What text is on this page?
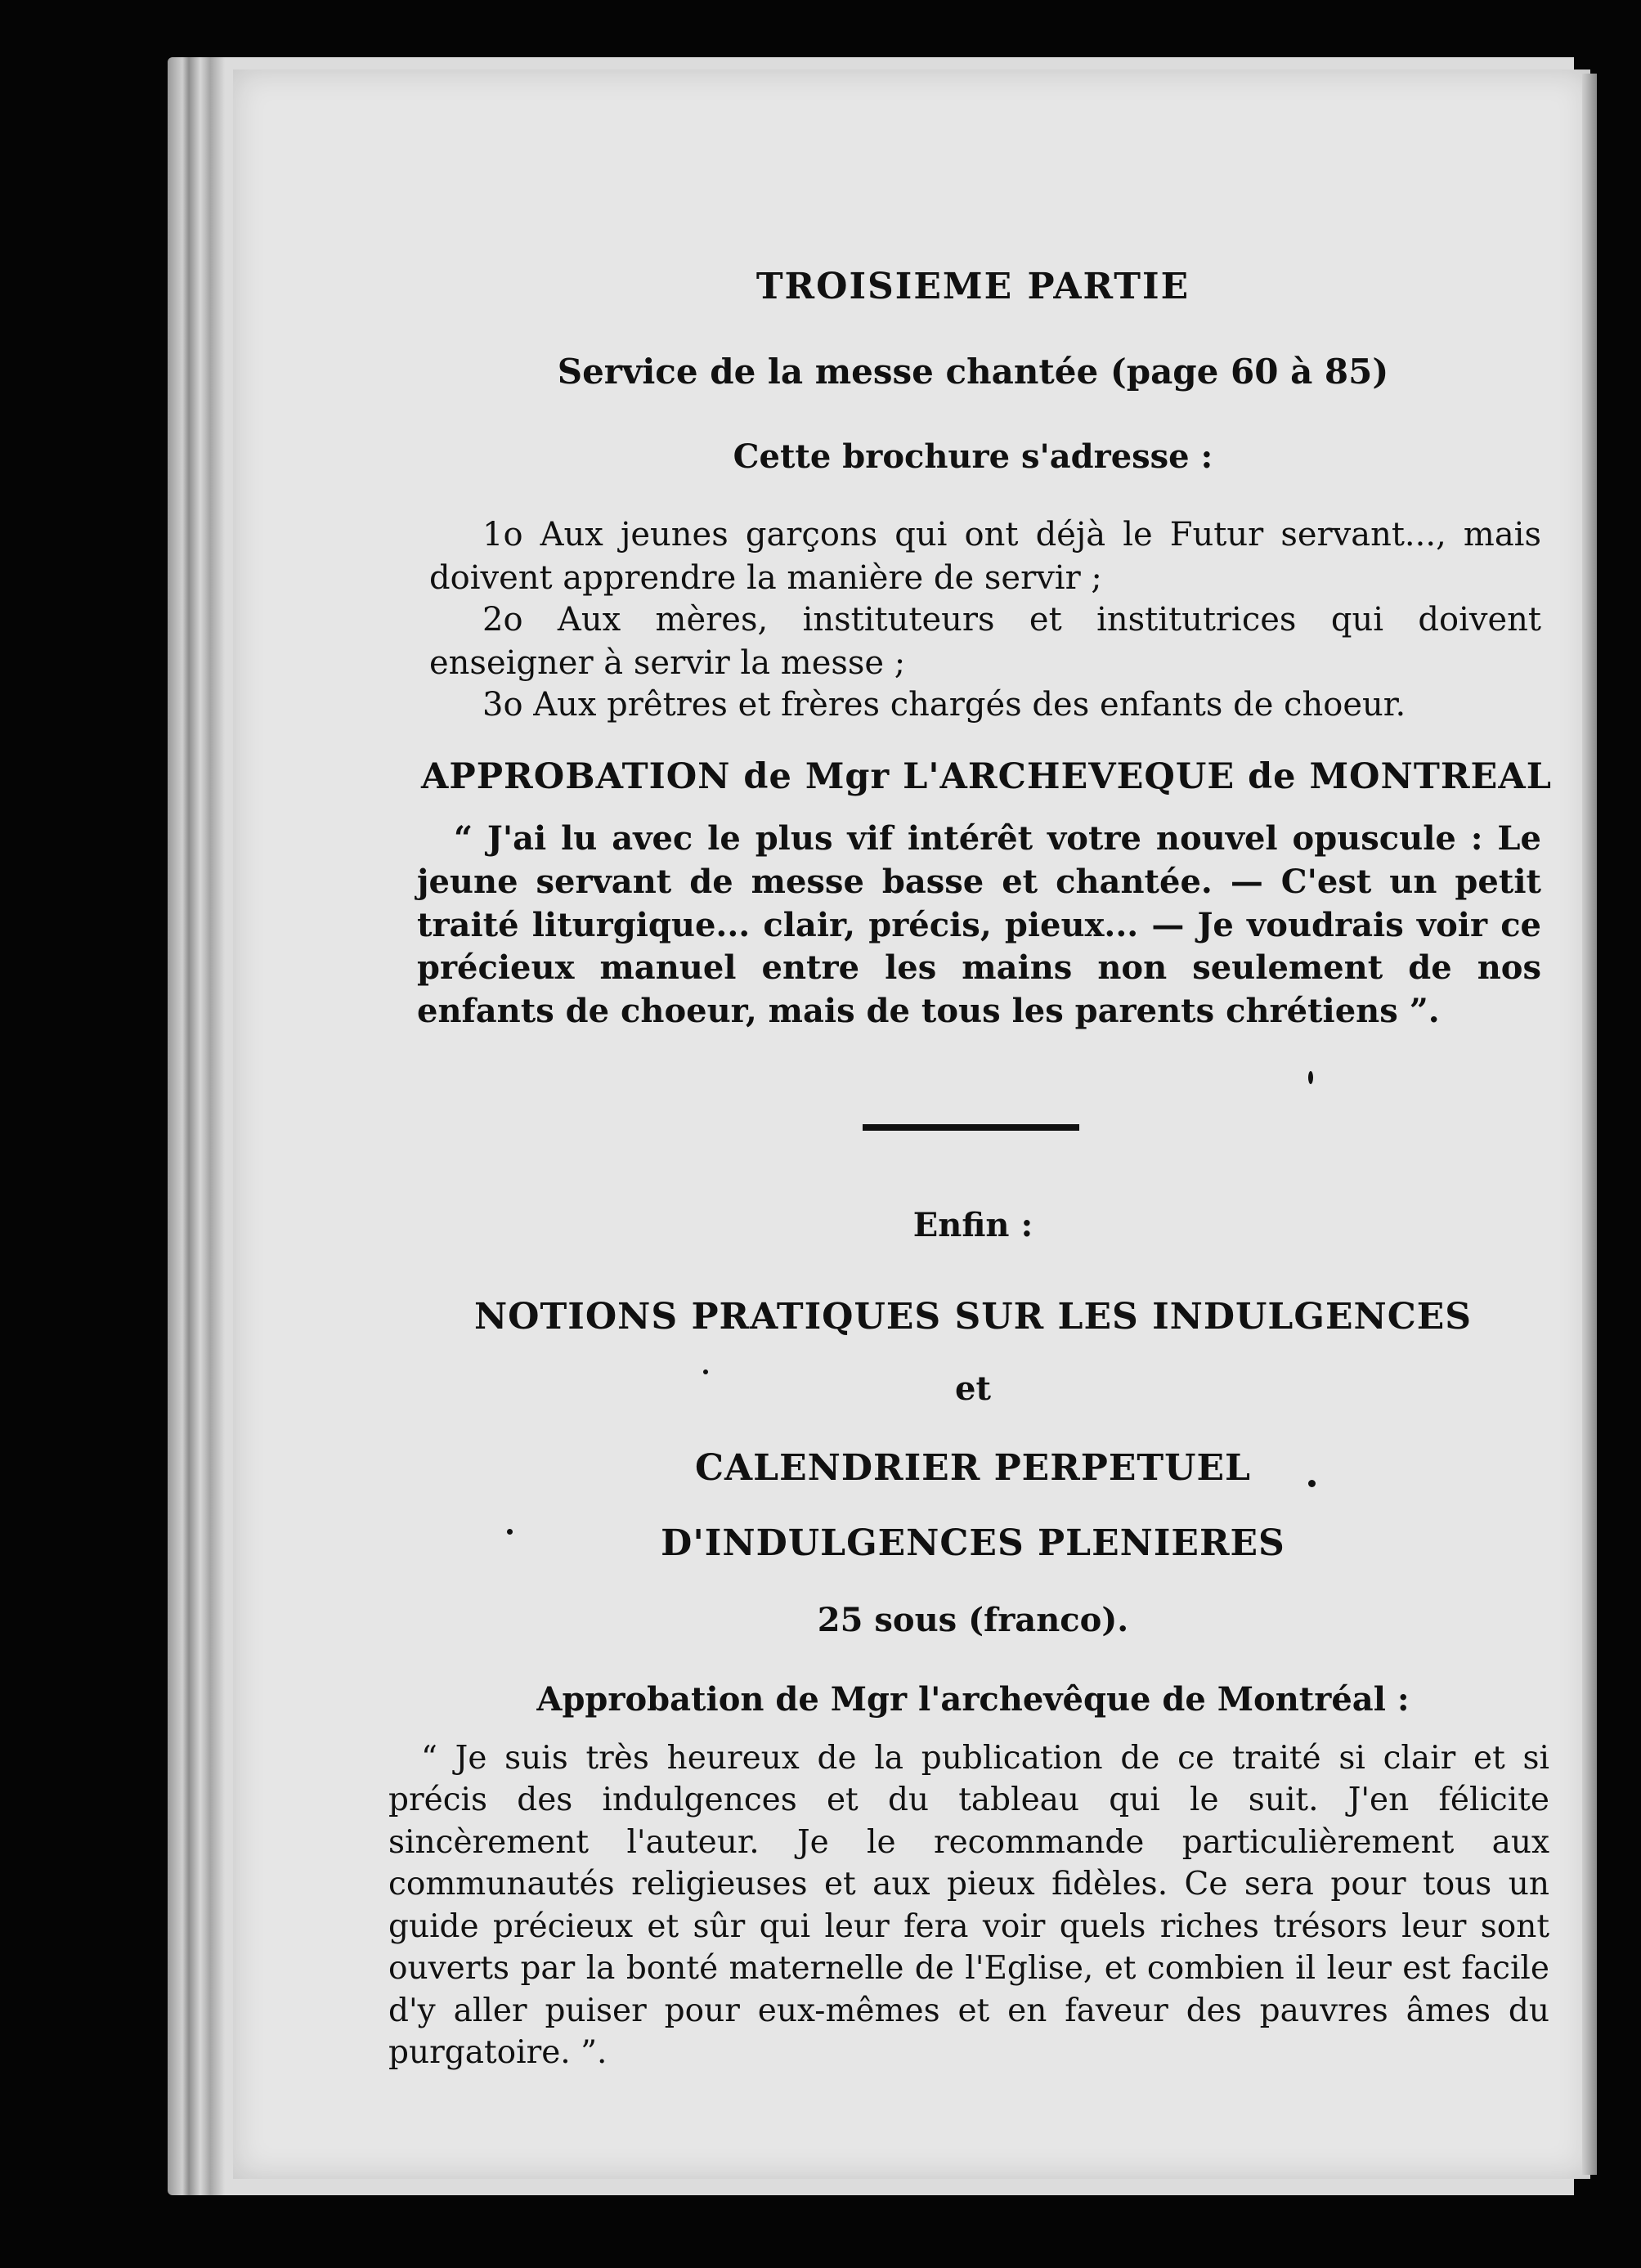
TROISIEME PARTIE
Service de la messe chantée (page 60 à 85)
Cette brochure s'adresse :
1o Aux jeunes garçons qui ont déjà le Futur servant..., mais doivent apprendre la manière de servir ;
2o Aux mères, instituteurs et institutrices qui doivent enseigner à servir la messe ;
3o Aux prêtres et frères chargés des enfants de choeur.
APPROBATION de Mgr L'ARCHEVEQUE de MONTREAL
“ J'ai lu avec le plus vif intérêt votre nouvel opuscule : Le jeune servant de messe basse et chantée. — C'est un petit traité liturgique... clair, précis, pieux... — Je voudrais voir ce précieux manuel entre les mains non seulement de nos enfants de choeur, mais de tous les parents chrétiens ”.
Enfin :
NOTIONS PRATIQUES SUR LES INDULGENCES
et
CALENDRIER PERPETUEL
D'INDULGENCES PLENIERES
25 sous (franco).
Approbation de Mgr l'archevêque de Montréal :
“ Je suis très heureux de la publication de ce traité si clair et si précis des indulgences et du tableau qui le suit. J'en félicite sincèrement l'auteur. Je le recommande particulièrement aux communautés religieuses et aux pieux fidèles. Ce sera pour tous un guide précieux et sûr qui leur fera voir quels riches trésors leur sont ouverts par la bonté maternelle de l'Eglise, et combien il leur est facile d'y aller puiser pour eux-mêmes et en faveur des pauvres âmes du purgatoire. ”.
